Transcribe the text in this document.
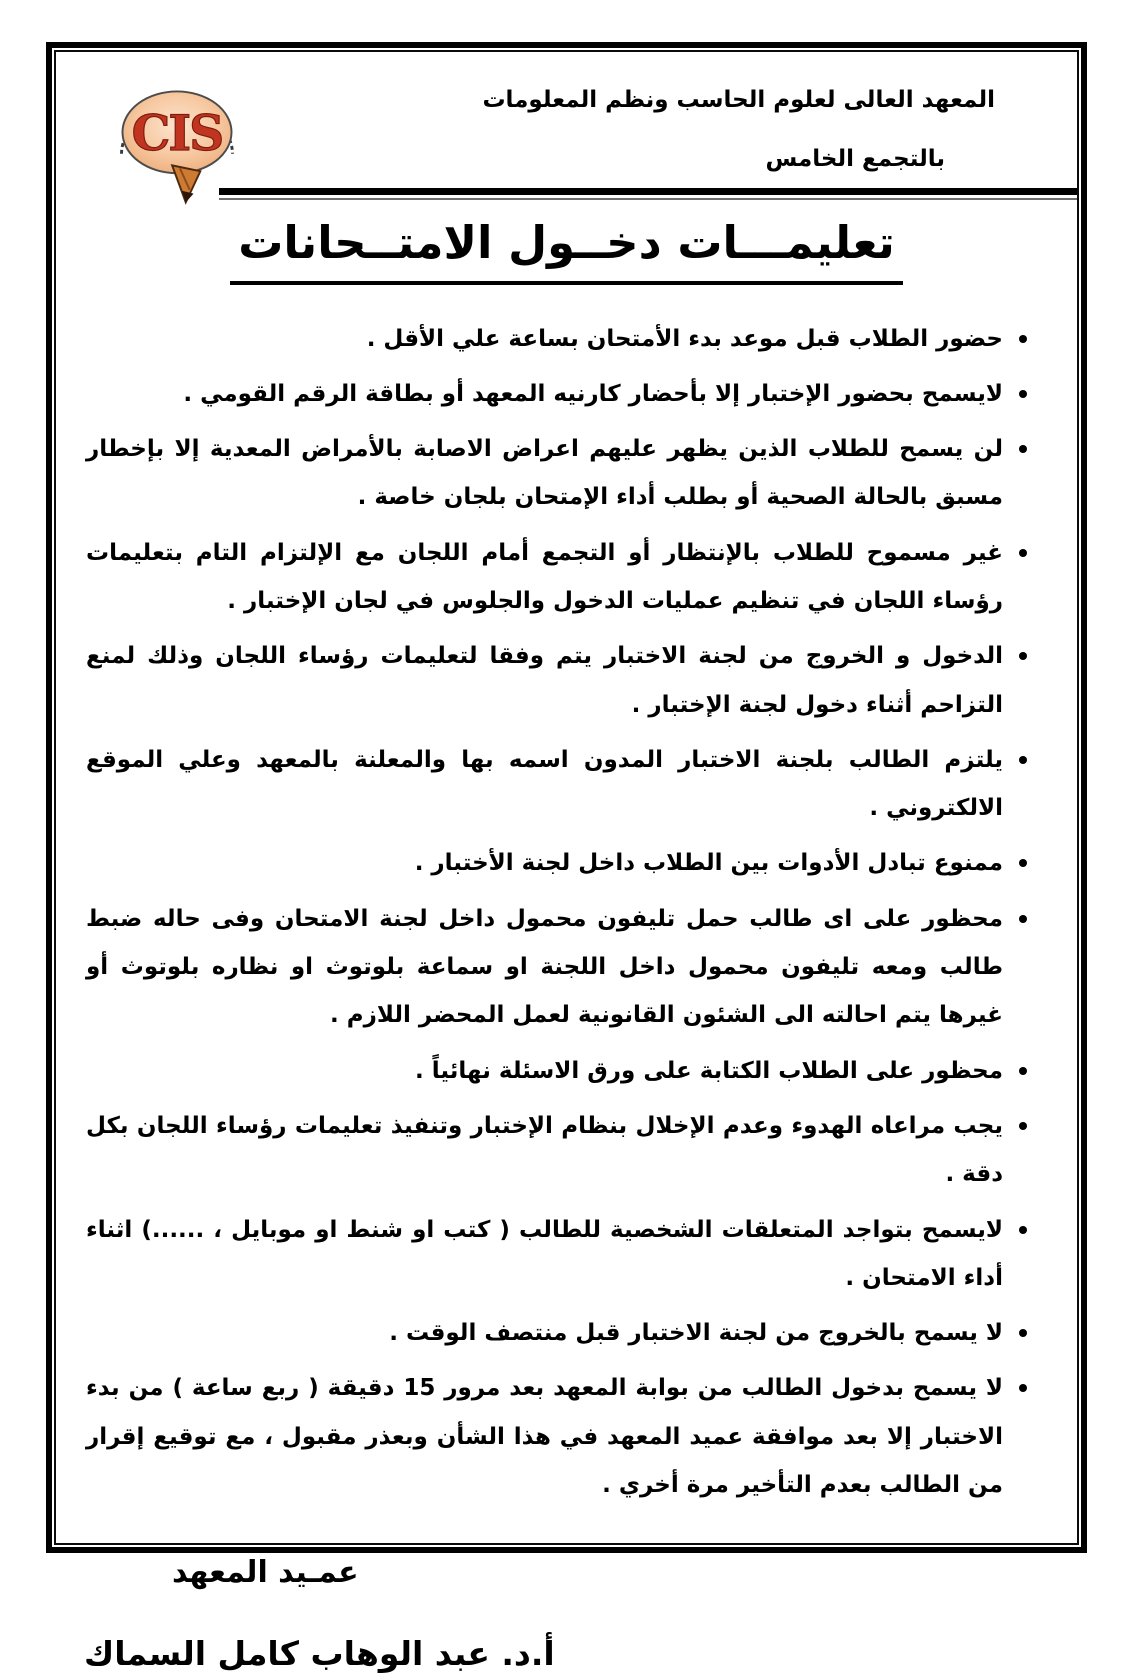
CIS
المعهد العالى لعلوم الحاسب ونظم المعلومات
بالتجمع الخامس
تعليمـــات دخــول الامتــحانات

حضور الطلاب قبل موعد بدء الأمتحان بساعة علي الأقل .

لايسمح بحضور الإختبار إلا بأحضار كارنيه المعهد أو بطاقة الرقم القومي .

لن يسمح للطلاب الذين يظهر عليهم اعراض الاصابة بالأمراض المعدية إلا بإخطار مسبق بالحالة الصحية أو بطلب أداء الإمتحان بلجان خاصة .

غير مسموح للطلاب بالإنتظار أو التجمع أمام اللجان مع الإلتزام التام بتعليمات رؤساء اللجان في تنظيم عمليات الدخول والجلوس في لجان الإختبار .

الدخول و الخروج من لجنة الاختبار يتم وفقا لتعليمات رؤساء اللجان وذلك لمنع التزاحم أثناء دخول لجنة الإختبار .

يلتزم الطالب بلجنة الاختبار المدون اسمه بها والمعلنة بالمعهد وعلي الموقع الالكتروني .

ممنوع تبادل الأدوات بين الطلاب داخل لجنة الأختبار .

محظور على اى طالب حمل تليفون محمول داخل لجنة الامتحان وفى حاله ضبط طالب ومعه تليفون محمول داخل اللجنة او سماعة بلوتوث او نظاره بلوتوث أو غيرها يتم احالته الى الشئون القانونية لعمل المحضر اللازم .

محظور على الطلاب الكتابة على ورق الاسئلة نهائياً .

يجب مراعاه الهدوء وعدم الإخلال بنظام الإختبار وتنفيذ تعليمات رؤساء اللجان بكل دقة .

لايسمح بتواجد المتعلقات الشخصية للطالب ( كتب او شنط او موبايل ، ......) اثناء أداء الامتحان .

لا يسمح بالخروج من لجنة الاختبار قبل منتصف الوقت .

لا يسمح بدخول الطالب من بوابة المعهد بعد مرور 15 دقيقة ( ربع ساعة ) من بدء الاختبار إلا بعد موافقة عميد المعهد في هذا الشأن وبعذر مقبول ، مع توقيع إقرار من الطالب بعدم التأخير مرة أخري .

عمـيد المعهد
أ.د. عبد الوهاب كامل السماك
